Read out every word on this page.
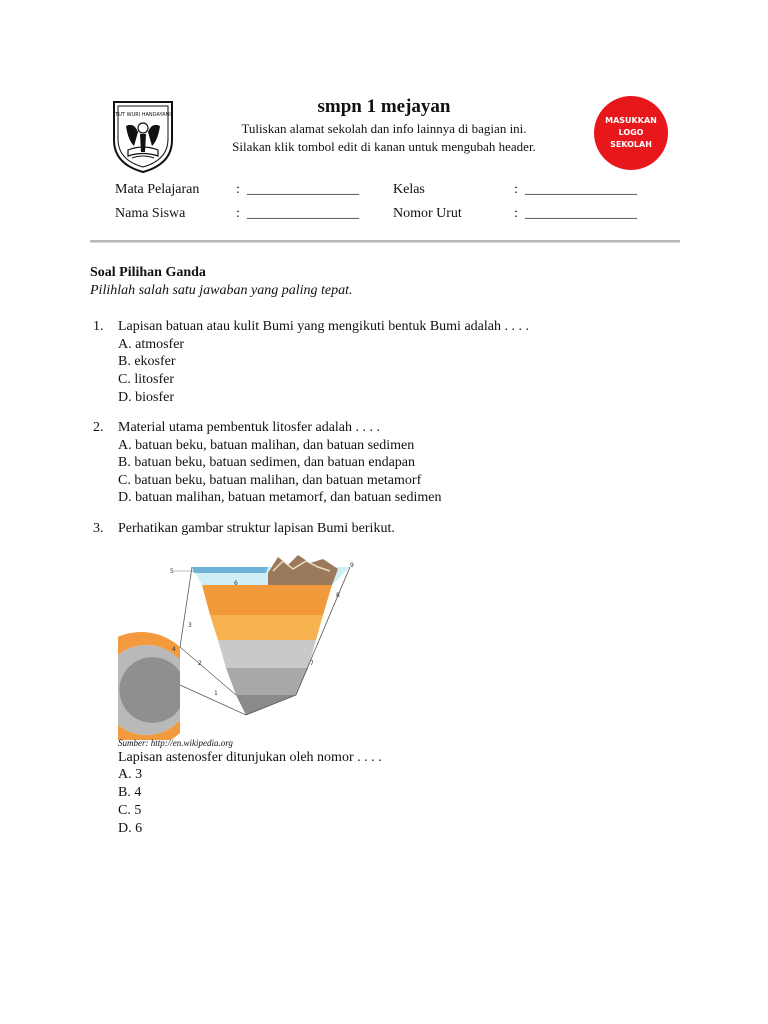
TUT WURI HANDAYANI	smpn 1 mejayan
Tuliskan alamat sekolah dan info lainnya di bagian ini.
Silakan klik tombol edit di kanan untuk mengubah header.
MASUKKAN
LOGO
SEKOLAH
Mata Pelajaran	: ________________ Kelas	: ________________
Nama Siswa	: ________________ Nomor Urut	: ________________
Soal Pilihan Ganda
Pilihlah salah satu jawaban yang paling tepat.
1. Lapisan batuan atau kulit Bumi yang mengikuti bentuk Bumi adalah . . . .
A. atmosfer
B. ekosfer
C. litosfer
D. biosfer
2. Material utama pembentuk litosfer adalah . . . .
A. batuan beku, batuan malihan, dan batuan sedimen
B. batuan beku, batuan sedimen, dan batuan endapan
C. batuan beku, batuan malihan, dan batuan metamorf
D. batuan malihan, batuan metamorf, dan batuan sedimen
3. Perhatikan gambar struktur lapisan Bumi berikut.
1
2
3
4
5
6
7
8
9
Sumber: http://en.wikipedia.org
Lapisan astenosfer ditunjukan oleh nomor . . . .
A. 3
B. 4
C. 5
D. 6
